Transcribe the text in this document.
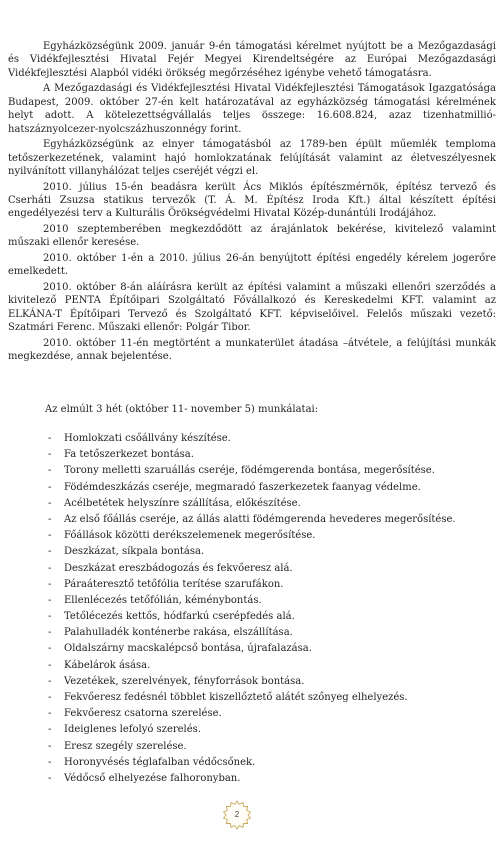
Egyházközségünk 2009. január 9-én támogatási kérelmet nyújtott be a Mezőgazdasági és Vidékfejlesztési Hivatal Fejér Megyei Kirendeltségére az Európai Mezőgazdasági Vidékfejlesztési Alapból vidéki örökség megőrzéséhez igénybe vehető támogatásra.

A Mezőgazdasági és Vidékfejlesztési Hivatal Vidékfejlesztési Támogatások Igazgatósága Budapest, 2009. október 27-én kelt határozatával az egyházközség támogatási kérelmének helyt adott. A kötelezettségvállalás teljes összege: 16.608.824, azaz tizenhatmillió-hatszáznyolcezer-nyolcszázhuszonnégy forint.

Egyházközségünk az elnyer támogatásból az 1789-ben épült műemlék temploma tetőszerkezetének, valamint hajó homlokzatának felújítását valamint az életveszélyesnek nyilvánított villanyhálózat teljes cseréjét végzi el.

2010. július 15-én beadásra került Ács Miklós építészmérnök, építész tervező és Cserháti Zsuzsa statikus tervezők (T. Á. M. Építész Iroda Kft.) által készített építési engedélyezési terv a Kulturális Örökségvédelmi Hivatal Közép-dunántúli Irodájához.

2010 szeptemberében megkezdődött az árajánlatok bekérése, kivitelező valamint műszaki ellenőr keresése.

2010. október 1-én a 2010. július 26-án benyújtott építési engedély kérelem jogerőre emelkedett.

2010. október 8-án aláírásra került az építési valamint a műszaki ellenőri szerződés a kivitelező PENTA Építőipari Szolgáltató Fővállalkozó és Kereskedelmi KFT. valamint az ELKÁNA-T Építőipari Tervező és Szolgáltató KFT. képviselőivel. Felelős műszaki vezető: Szatmári Ferenc. Műszaki ellenőr: Polgár Tibor.

2010. október 11-én megtörtént a munkaterület átadása –átvétele, a felújítási munkák megkezdése, annak bejelentése.

Az elmúlt 3 hét (október 11- november 5) munkálatai:
-	Homlokzati csőállvány készítése.
-	Fa tetőszerkezet bontása.
-	Torony melletti szaruállás cseréje, födémgerenda bontása, megerősítése.
-	Födémdeszkázás cseréje, megmaradó faszerkezetek faanyag védelme.
-	Acélbetétek helyszínre szállítása, előkészítése.
-	Az első főállás cseréje, az állás alatti födémgerenda hevederes megerősítése.
-	Főállások közötti derékszelemenek megerősítése.
-	Deszkázat, síkpala bontása.
-	Deszkázat ereszbádogozás és fekvőeresz alá.
-	Páraáteresztő tetőfólia terítése szarufákon.
-	Ellenlécezés tetőfólián, kéménybontás.
-	Tetőlécezés kettős, hódfarkú cserépfedés alá.
-	Palahulladék konténerbe rakása, elszállítása.
-	Oldalszárny macskalépcső bontása, újrafalazása.
-	Kábelárok ásása.
-	Vezetékek, szerelvények, fényforrások bontása.
-	Fekvőeresz fedésnél többlet kiszellőztető alátét szőnyeg elhelyezés.
-	Fekvőeresz csatorna szerelése.
-	Ideiglenes lefolyó szerelés.
-	Eresz szegély szerelése.
-	Horonyvésés téglafalban védőcsőnek.
-	Védőcső elhelyezése falhoronyban.
2
